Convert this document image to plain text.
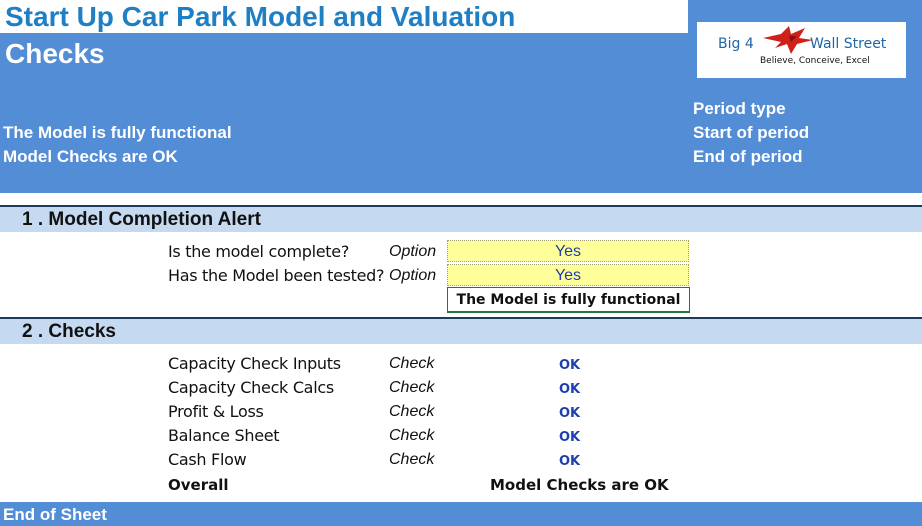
Start Up Car Park Model and Valuation
Checks
The Model is fully functional
Model Checks are OK
Period type
Start of period
End of period
Big 4	Wall Street
Believe, Conceive, Excel
1 . Model Completion Alert
Is the model complete? Option	Yes
Has the Model been tested? Option	Yes
The Model is fully functional
2 . Checks
Capacity Check Inputs	Check	OK
Capacity Check Calcs	Check	OK
Profit & Loss	Check	OK
Balance Sheet	Check	OK
Cash Flow	Check	OK
Overall	Model Checks are OK
End of Sheet
